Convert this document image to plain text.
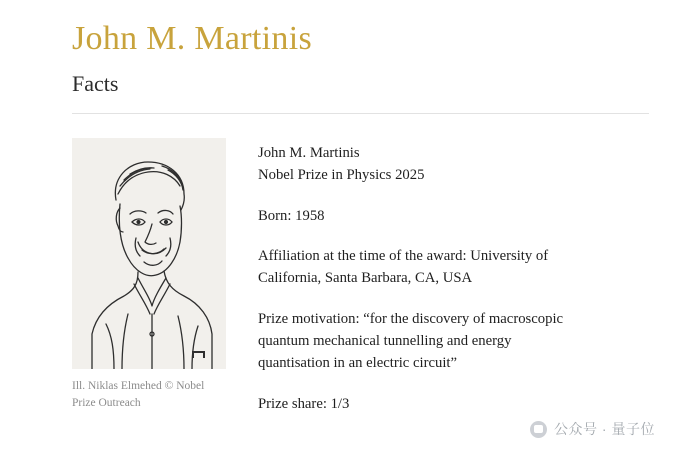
John M. Martinis
Facts
Ill. Niklas Elmehed © Nobel Prize Outreach

John M. Martinis
Nobel Prize in Physics 2025

Born: 1958

Affiliation at the time of the award: University of
California, Santa Barbara, CA, USA

Prize motivation: “for the discovery of macroscopic
quantum mechanical tunnelling and energy
quantisation in an electric circuit”

Prize share: 1/3

公众号 · 量子位
